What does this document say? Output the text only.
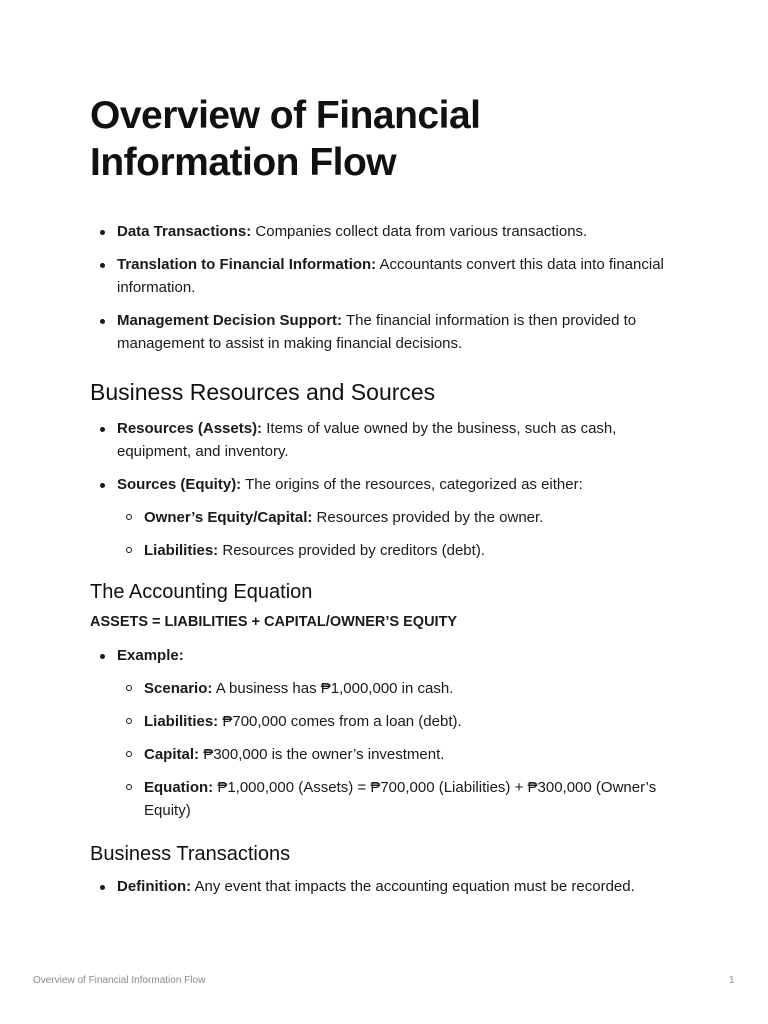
Overview of Financial Information Flow
Data Transactions: Companies collect data from various transactions.
Translation to Financial Information: Accountants convert this data into financial information.
Management Decision Support: The financial information is then provided to management to assist in making financial decisions.
Business Resources and Sources
Resources (Assets): Items of value owned by the business, such as cash, equipment, and inventory.
Sources (Equity): The origins of the resources, categorized as either:
Owner’s Equity/Capital: Resources provided by the owner.
Liabilities: Resources provided by creditors (debt).
The Accounting Equation

ASSETS = LIABILITIES + CAPITAL/OWNER’S EQUITY

Example:
Scenario: A business has ₱1,000,000 in cash.
Liabilities: ₱700,000 comes from a loan (debt).
Capital: ₱300,000 is the owner’s investment.
Equation: ₱1,000,000 (Assets) = ₱700,000 (Liabilities) + ₱300,000 (Owner’s Equity)
Business Transactions
Definition: Any event that impacts the accounting equation must be recorded.
Overview of Financial Information Flow	1
